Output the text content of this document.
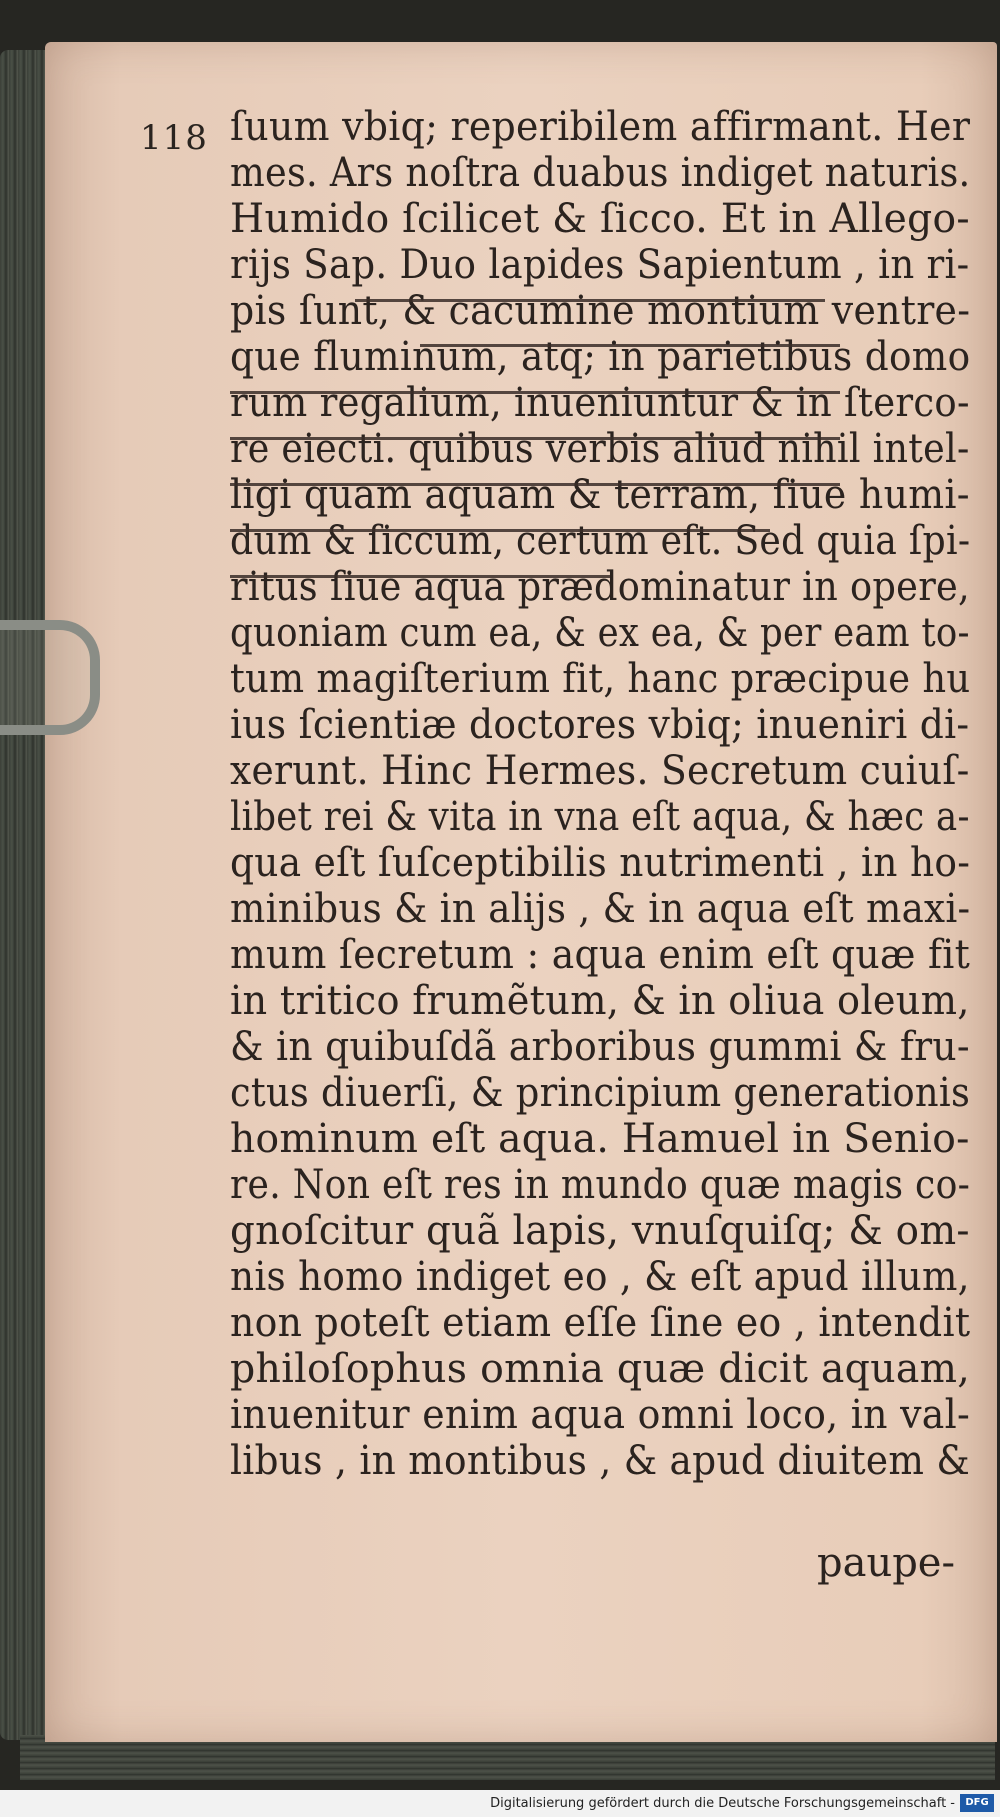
118 ſuum vbiq; reperibilem affirmant. Her
mes. Ars noſtra duabus indiget naturis.
Humido ſcilicet & ſicco. Et in Allego-
rijs Sap. Duo lapides Sapientum , in ri-
pis ſunt, & cacumine montium ventre-
que fluminum, atq; in parietibus domo
rum regalium, inueniuntur & in ſterco-
re eiecti. quibus verbis aliud nihil intel-
ligi quam aquam & terram, ſiue humi-
dum & ſiccum, certum eſt. Sed quia ſpi-
ritus ſiue aqua prædominatur in opere,
quoniam cum ea, & ex ea, & per eam to-
tum magiſterium fit, hanc præcipue hu
ius ſcientiæ doctores vbiq; inueniri di-
xerunt. Hinc Hermes. Secretum cuiuſ-
libet rei & vita in vna eſt aqua, & hæc a-
qua eſt ſuſceptibilis nutrimenti , in ho-
minibus & in alijs , & in aqua eſt maxi-
mum ſecretum : aqua enim eſt quæ fit
in tritico frumẽtum, & in oliua oleum,
& in quibuſdã arboribus gummi & fru-
ctus diuerſi, & principium generationis
hominum eſt aqua. Hamuel in Senio-
re. Non eſt res in mundo quæ magis co-
gnoſcitur quã lapis, vnuſquiſq; & om-
nis homo indiget eo , & eſt apud illum,
non poteſt etiam eſſe ſine eo , intendit
philoſophus omnia quæ dicit aquam,
inuenitur enim aqua omni loco, in val-
libus , in montibus , & apud diuitem &
paupe-
Digitalisierung gefördert durch die Deutsche Forschungsgemeinschaft -	DFG
